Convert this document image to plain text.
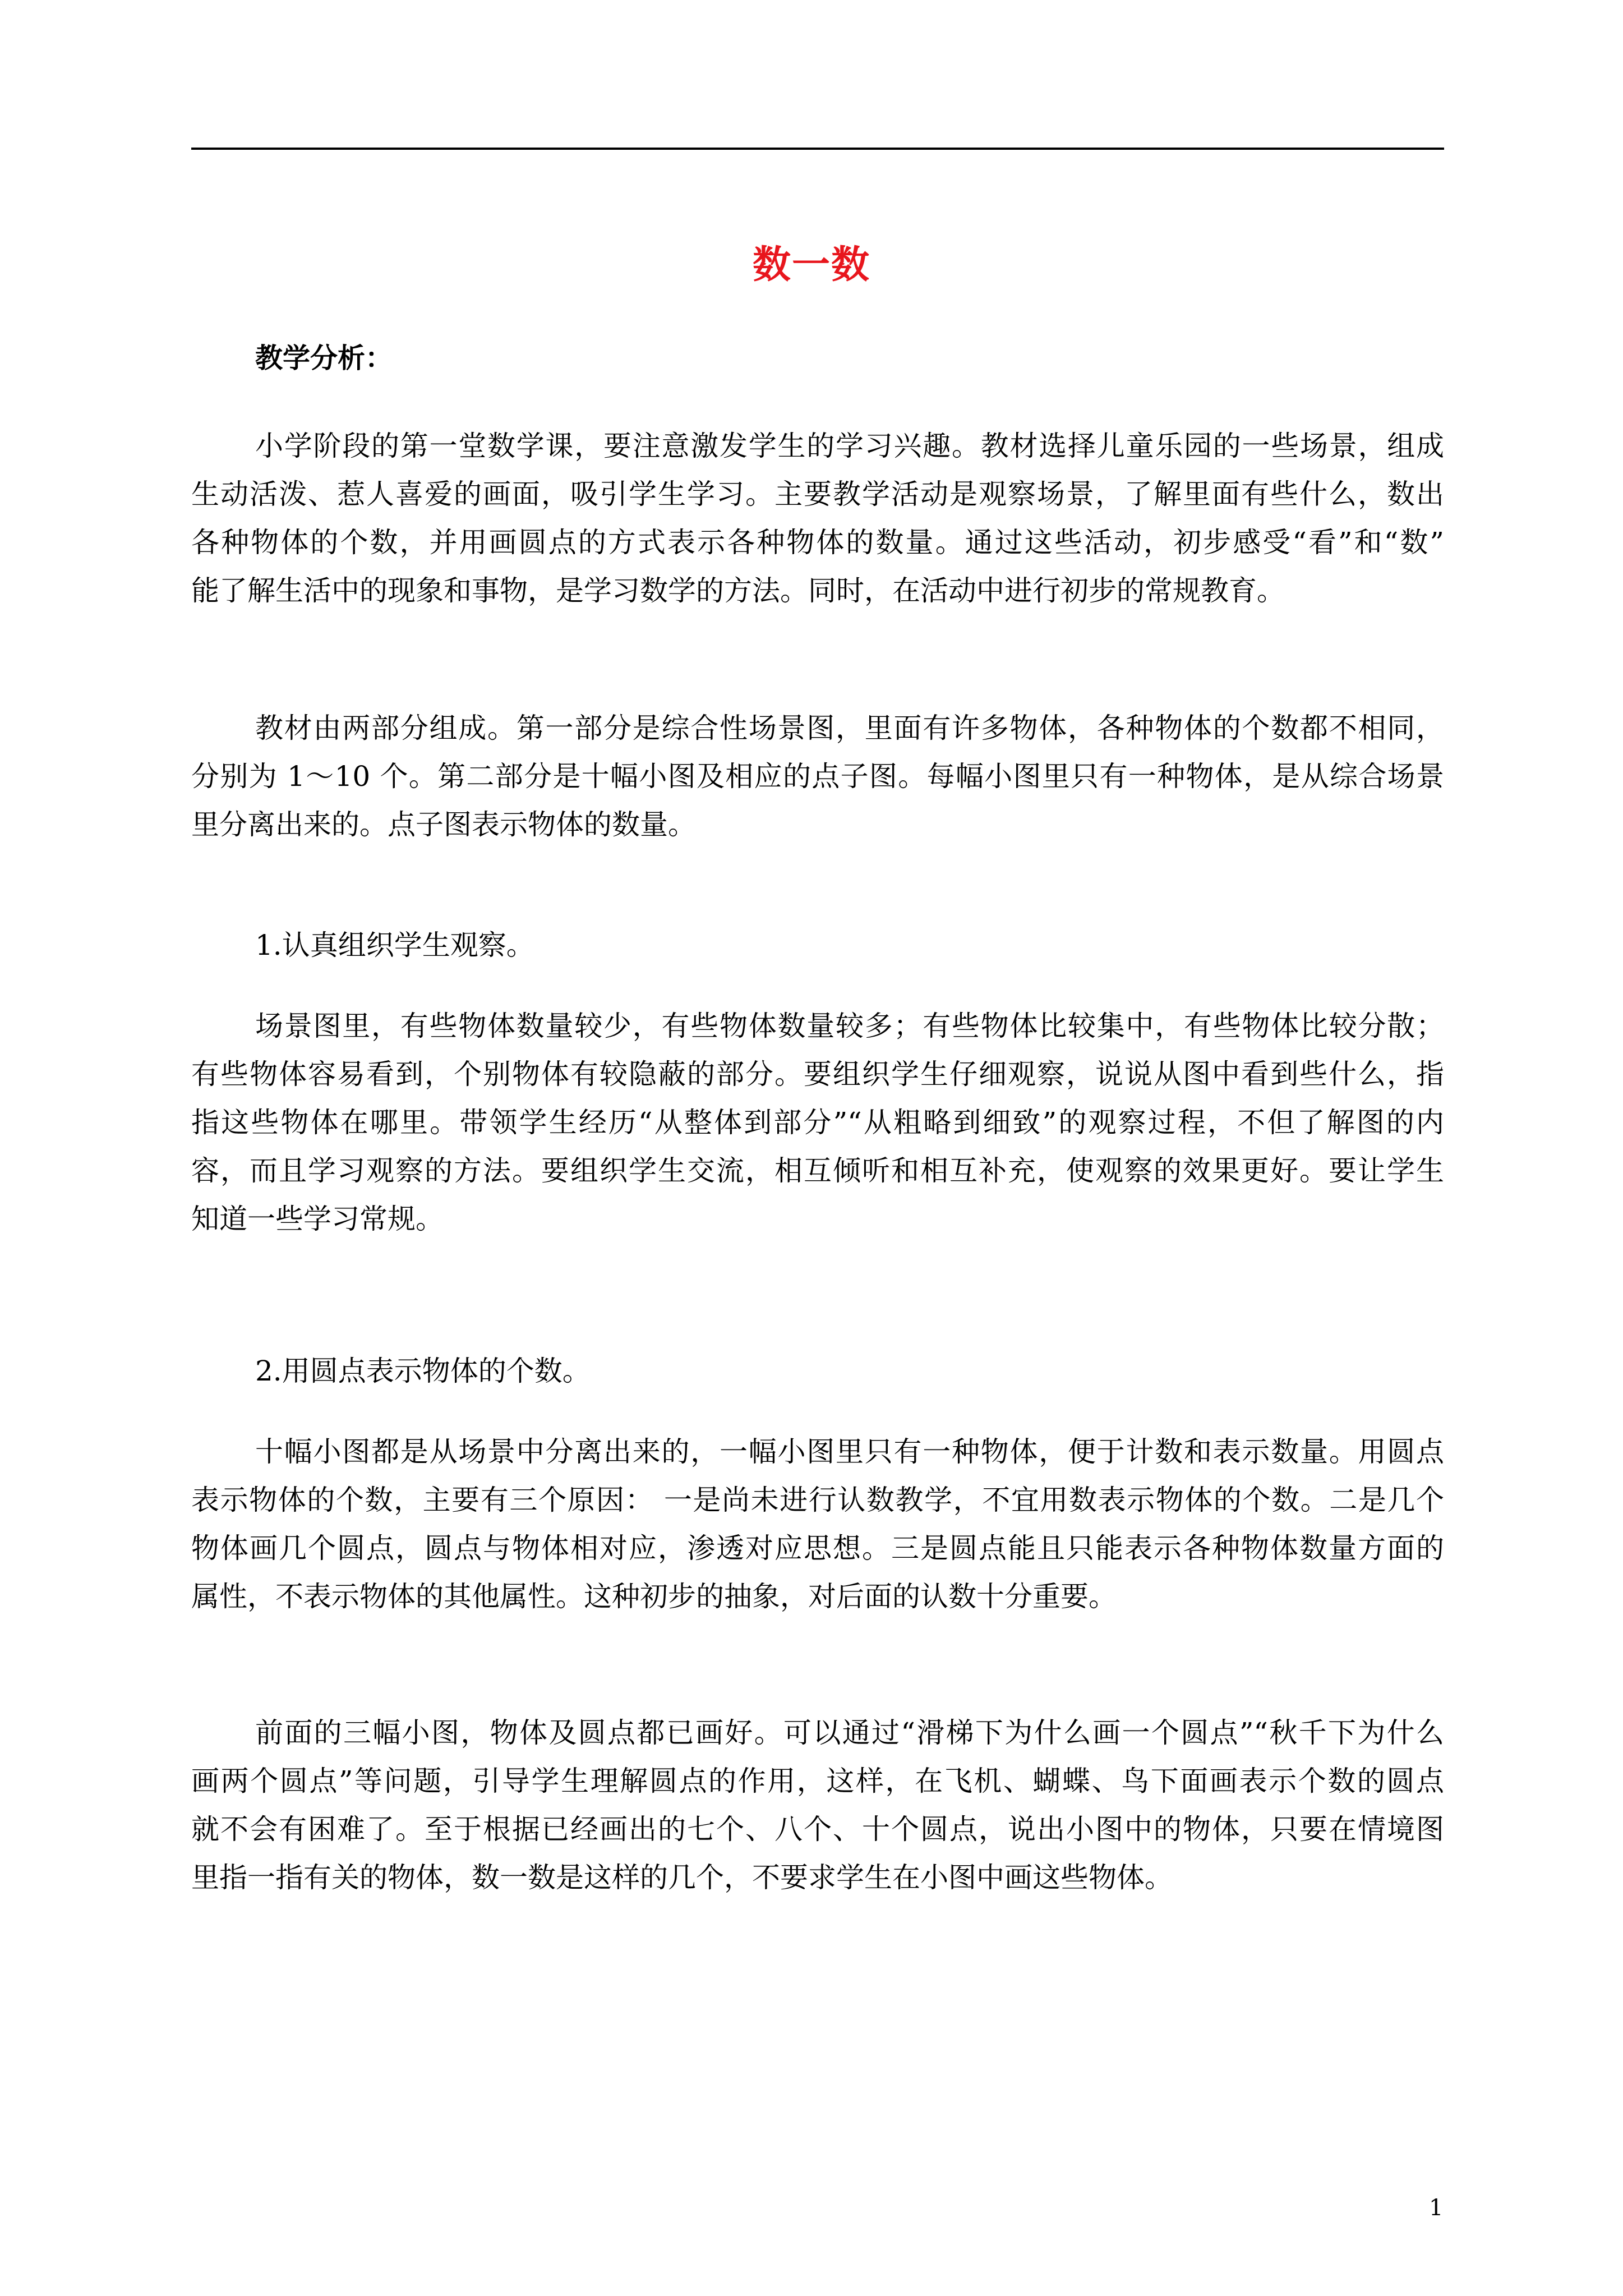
数一数
教学分析：
小学阶段的第一堂数学课，要注意激发学生的学习兴趣。教材选择儿童乐园的一些场景，组成
生动活泼、惹人喜爱的画面，吸引学生学习。主要教学活动是观察场景，了解里面有些什么，数出
各种物体的个数，并用画圆点的方式表示各种物体的数量。通过这些活动，初步感受“看”和“数”
能了解生活中的现象和事物，是学习数学的方法。同时，在活动中进行初步的常规教育。
教材由两部分组成。第一部分是综合性场景图，里面有许多物体，各种物体的个数都不相同，
分别为 1～10 个。第二部分是十幅小图及相应的点子图。每幅小图里只有一种物体，是从综合场景
里分离出来的。点子图表示物体的数量。
1.认真组织学生观察。
场景图里，有些物体数量较少，有些物体数量较多；有些物体比较集中，有些物体比较分散；
有些物体容易看到，个别物体有较隐蔽的部分。要组织学生仔细观察，说说从图中看到些什么，指
指这些物体在哪里。带领学生经历“从整体到部分”“从粗略到细致”的观察过程，不但了解图的内
容，而且学习观察的方法。要组织学生交流，相互倾听和相互补充，使观察的效果更好。要让学生
知道一些学习常规。
2.用圆点表示物体的个数。
十幅小图都是从场景中分离出来的，一幅小图里只有一种物体，便于计数和表示数量。用圆点
表示物体的个数，主要有三个原因： 一是尚未进行认数教学，不宜用数表示物体的个数。二是几个
物体画几个圆点，圆点与物体相对应，渗透对应思想。三是圆点能且只能表示各种物体数量方面的
属性，不表示物体的其他属性。这种初步的抽象，对后面的认数十分重要。
前面的三幅小图，物体及圆点都已画好。可以通过“滑梯下为什么画一个圆点”“秋千下为什么
画两个圆点”等问题，引导学生理解圆点的作用，这样，在飞机、蝴蝶、鸟下面画表示个数的圆点
就不会有困难了。至于根据已经画出的七个、八个、十个圆点，说出小图中的物体，只要在情境图
里指一指有关的物体，数一数是这样的几个，不要求学生在小图中画这些物体。
1
